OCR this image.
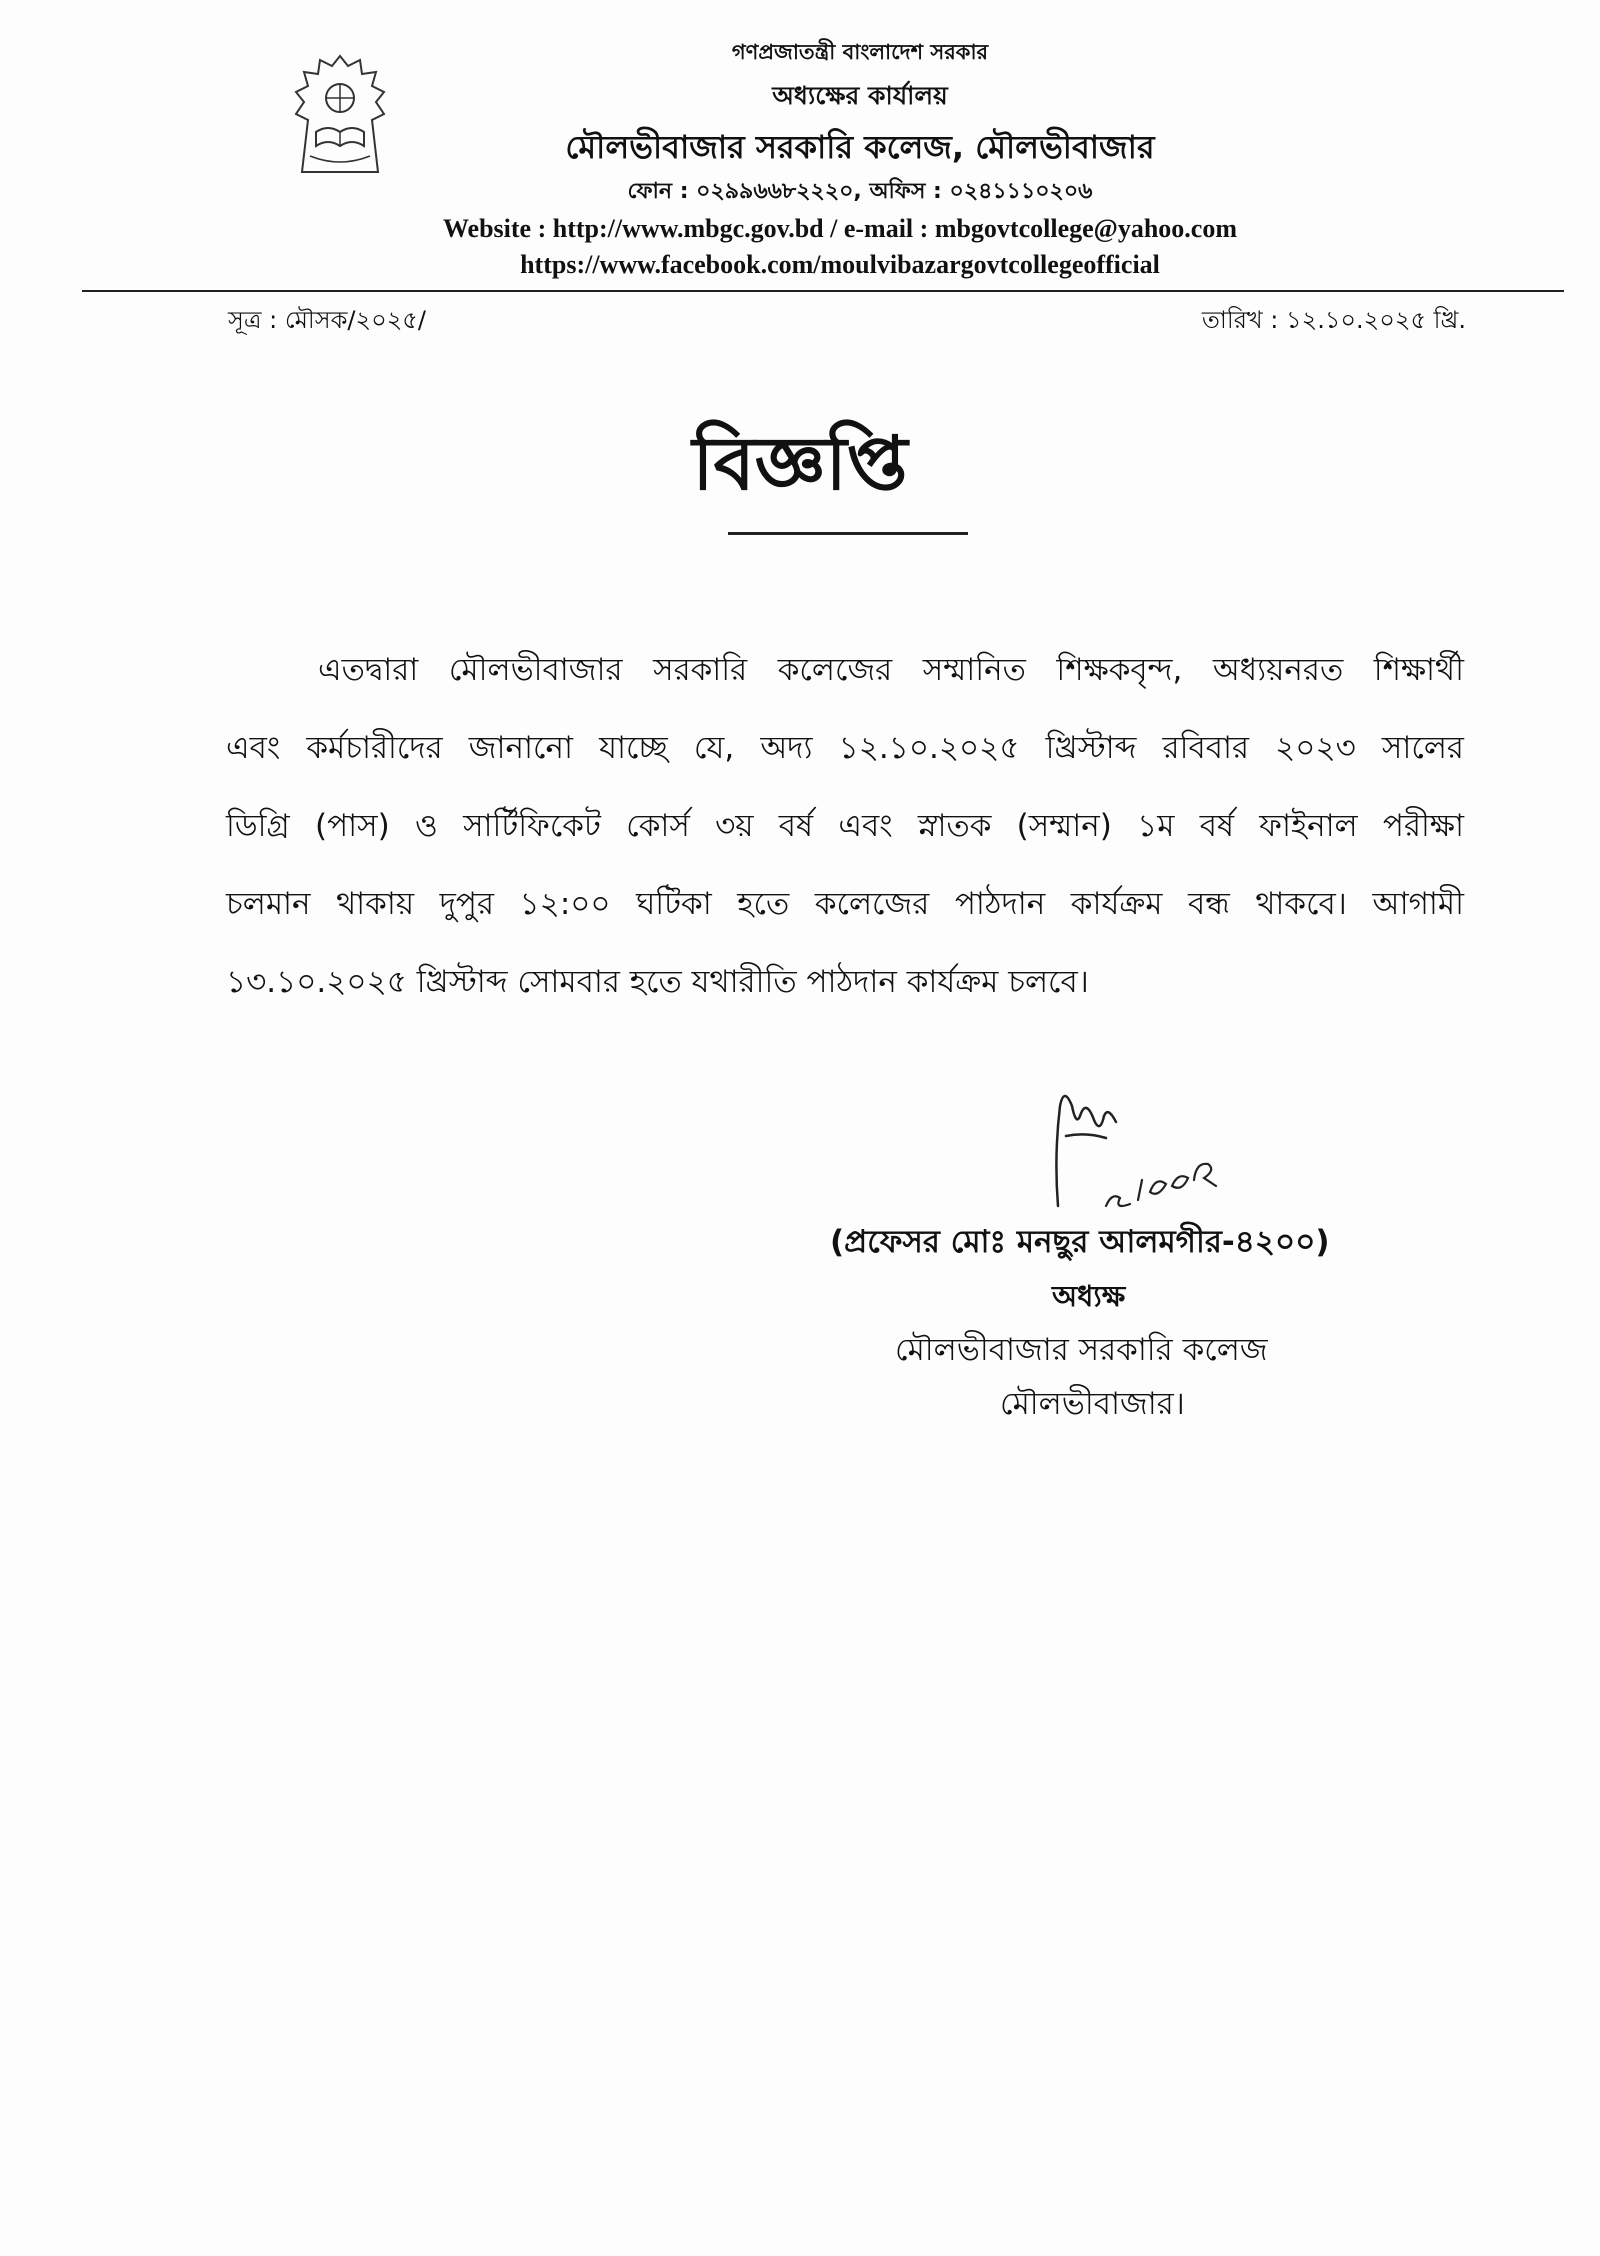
গণপ্রজাতন্ত্রী বাংলাদেশ সরকার
অধ্যক্ষের কার্যালয়
মৌলভীবাজার সরকারি কলেজ, মৌলভীবাজার
ফোন : ০২৯৯৬৬৮২২২০, অফিস : ০২৪১১১০২০৬
Website : http://www.mbgc.gov.bd / e-mail : mbgovtcollege@yahoo.com
https://www.facebook.com/moulvibazargovtcollegeofficial
সূত্র : মৌসক/২০২৫/	তারিখ : ১২.১০.২০২৫ খ্রি.
বিজ্ঞপ্তি
এতদ্বারা মৌলভীবাজার সরকারি কলেজের সম্মানিত শিক্ষকবৃন্দ, অধ্যয়নরত শিক্ষার্থী
এবং কর্মচারীদের জানানো যাচ্ছে যে, অদ্য ১২.১০.২০২৫ খ্রিস্টাব্দ রবিবার ২০২৩ সালের
ডিগ্রি (পাস) ও সার্টিফিকেট কোর্স ৩য় বর্ষ এবং স্নাতক (সম্মান) ১ম বর্ষ ফাইনাল পরীক্ষা
চলমান থাকায় দুপুর ১২:০০ ঘটিকা হতে কলেজের পাঠদান কার্যক্রম বন্ধ থাকবে। আগামী
১৩.১০.২০২৫ খ্রিস্টাব্দ সোমবার হতে যথারীতি পাঠদান কার্যক্রম চলবে।
(প্রফেসর মোঃ মনছুর আলমগীর-৪২০০)
অধ্যক্ষ
মৌলভীবাজার সরকারি কলেজ
মৌলভীবাজার।
